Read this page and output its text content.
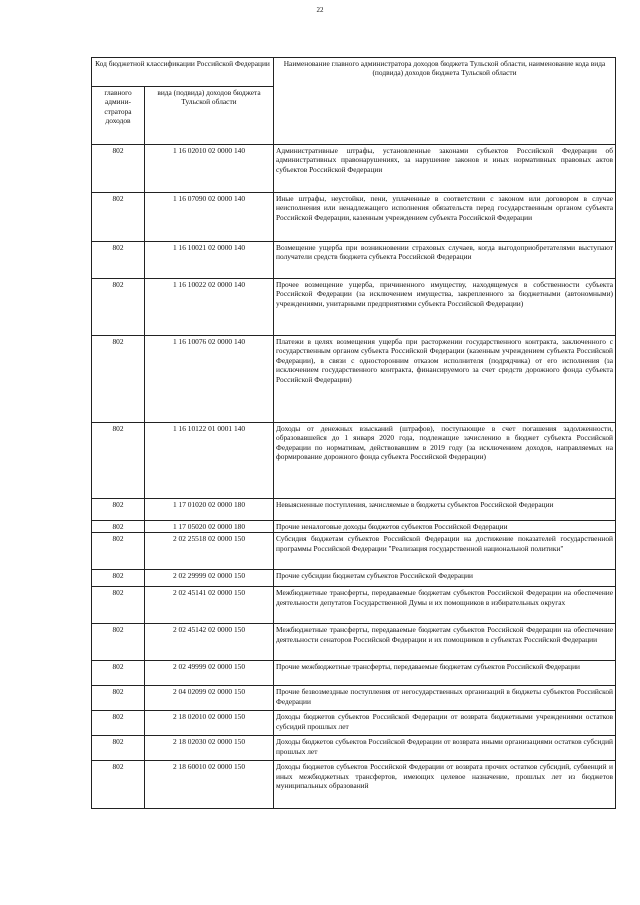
22
Код бюджетной классификации Российской Федерации		Наименование главного администратора доходов бюджета Тульской области, наименование кода вида (подвида) доходов бюджета Тульской области
главного админи-стратора доходов	вида (подвида) доходов бюджета Тульской области	
802	1 16 02010 02 0000 140	Административные штрафы, установленные законами субъектов Российской Федерации об административных правонарушениях, за нарушение законов и иных нормативных правовых актов субъектов Российской Федерации
802	1 16 07090 02 0000 140	Иные штрафы, неустойки, пени, уплаченные в соответствии с законом или договором в случае неисполнения или ненадлежащего исполнения обязательств перед государственным органом субъекта Российской Федерации, казенным учреждением субъекта Российской Федерации
802	1 16 10021 02 0000 140	Возмещение ущерба при возникновении страховых случаев, когда выгодоприобретателями выступают получатели средств бюджета субъекта Российской Федерации
802	1 16 10022 02 0000 140	Прочее возмещение ущерба, причиненного имуществу, находящемуся в собственности субъекта Российской Федерации (за исключением имущества, закрепленного за бюджетными (автономными) учреждениями, унитарными предприятиями субъекта Российской Федерации)
802	1 16 10076 02 0000 140	Платежи в целях возмещения ущерба при расторжении государственного контракта, заключенного с государственным органом субъекта Российской Федерации (казенным учреждением субъекта Российской Федерации), в связи с односторонним отказом исполнителя (подрядчика) от его исполнения (за исключением государственного контракта, финансируемого за счет средств дорожного фонда субъекта Российской Федерации)
802	1 16 10122 01 0001 140	Доходы от денежных взысканий (штрафов), поступающие в счет погашения задолженности, образовавшейся до 1 января 2020 года, подлежащие зачислению в бюджет субъекта Российской Федерации по нормативам, действовавшим в 2019 году (за исключением доходов, направляемых на формирование дорожного фонда субъекта Российской Федерации)
802	1 17 01020 02 0000 180	Невыясненные поступления, зачисляемые в бюджеты субъектов Российской Федерации
802	1 17 05020 02 0000 180	Прочие неналоговые доходы бюджетов субъектов Российской Федерации
802	2 02 25518 02 0000 150	Субсидия бюджетам субъектов Российской Федерации на достижение показателей государственной программы Российской Федерации "Реализация государственной национальной политики"
802	2 02 29999 02 0000 150	Прочие субсидии бюджетам субъектов Российской Федерации
802	2 02 45141 02 0000 150	Межбюджетные трансферты, передаваемые бюджетам субъектов Российской Федерации на обеспечение деятельности депутатов Государственной Думы и их помощников в избирательных округах
802	2 02 45142 02 0000 150	Межбюджетные трансферты, передаваемые бюджетам субъектов Российской Федерации на обеспечение деятельности сенаторов Российской Федерации и их помощников в субъектах Российской Федерации
802	2 02 49999 02 0000 150	Прочие межбюджетные трансферты, передаваемые бюджетам субъектов Российской Федерации
802	2 04 02099 02 0000 150	Прочие безвозмездные поступления от негосударственных организаций в бюджеты субъектов Российской Федерации
802	2 18 02010 02 0000 150	Доходы бюджетов субъектов Российской Федерации от возврата бюджетными учреждениями остатков субсидий прошлых лет
802	2 18 02030 02 0000 150	Доходы бюджетов субъектов Российской Федерации от возврата иными организациями остатков субсидий прошлых лет
802	2 18 60010 02 0000 150	Доходы бюджетов субъектов Российской Федерации от возврата прочих остатков субсидий, субвенций и иных межбюджетных трансфертов, имеющих целевое назначение, прошлых лет из бюджетов муниципальных образований
